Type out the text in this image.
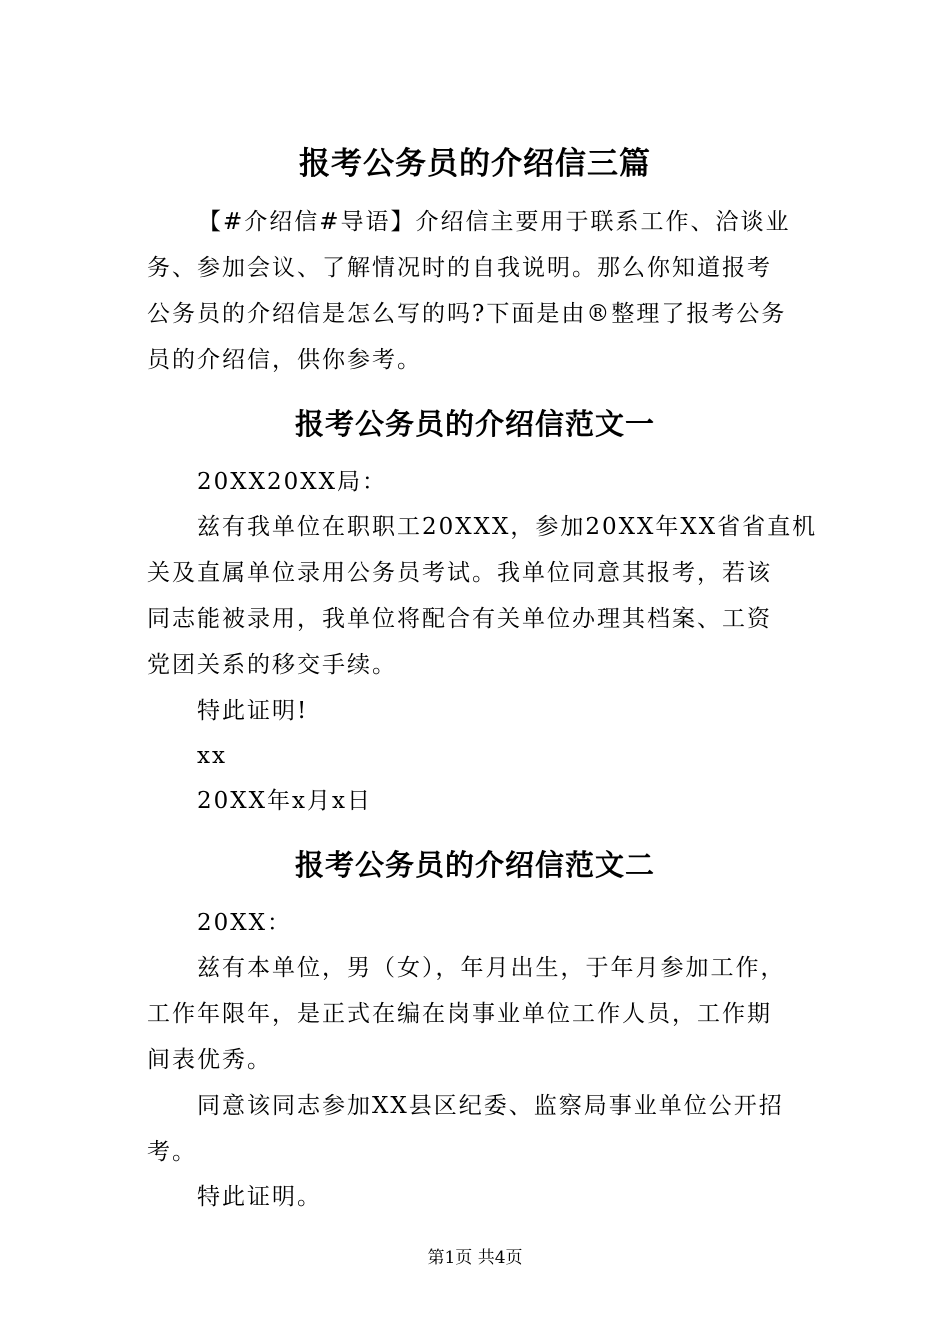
报考公务员的介绍信三篇
【#介绍信#导语】介绍信主要用于联系工作、洽谈业
务、参加会议、了解情况时的自我说明。那么你知道报考
公务员的介绍信是怎么写的吗?下面是由®整理了报考公务
员的介绍信，供你参考。
报考公务员的介绍信范文一
20XX20XX局：
兹有我单位在职职工20XXX，参加20XX年XX省省直机
关及直属单位录用公务员考试。我单位同意其报考，若该
同志能被录用，我单位将配合有关单位办理其档案、工资
党团关系的移交手续。
特此证明!
xx
20XX年x月x日
报考公务员的介绍信范文二
20XX：
兹有本单位，男（女），年月出生，于年月参加工作，
工作年限年，是正式在编在岗事业单位工作人员，工作期
间表优秀。
同意该同志参加XX县区纪委、监察局事业单位公开招
考。
特此证明。
第1页 共4页
